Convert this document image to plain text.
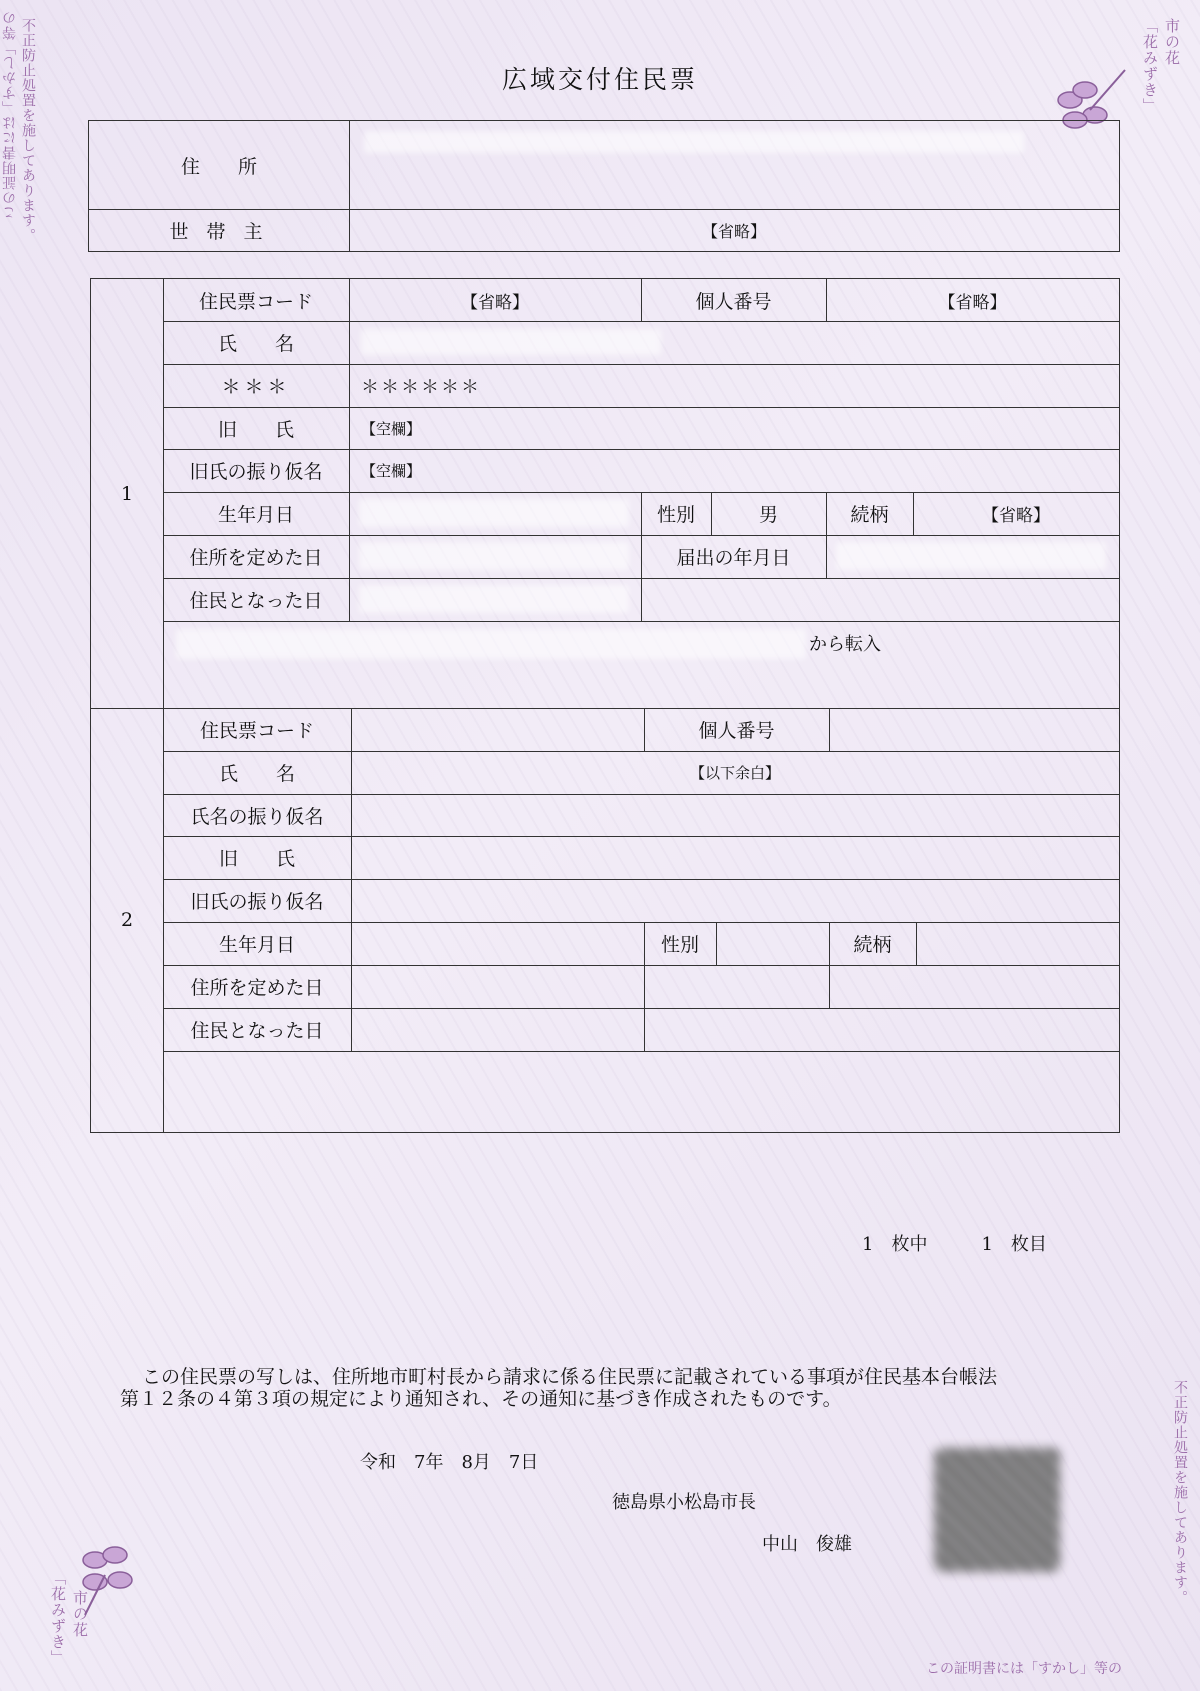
不正防止処置を施してあります。
この証明書には「すかし」等の	「花みずき」 市の花
市の花
「花みずき」
不正防止処置を施してあります。
この証明書には「すかし」等の
広域交付住民票
住　　所
世 帯 主	【省略】
1
住民票コード	【省略】	個人番号	【省略】
氏　　名
＊＊＊	＊＊＊＊＊＊
旧　　氏	【空欄】
旧氏の振り仮名	【空欄】
生年月日	性別	男	続柄	【省略】
住所を定めた日	届出の年月日
住民となった日
から転入
2
住民票コード	個人番号
氏　　名	【以下余白】
氏名の振り仮名
旧　　氏
旧氏の振り仮名
生年月日	性別	続柄
住所を定めた日
住民となった日
1　 枚中　　　	1　 枚目
この住民票の写しは、住所地市町村長から請求に係る住民票に記載されている事項が住民基本台帳法
第１２条の４第３項の規定により通知され、その通知に基づき作成されたものです。
令和　 7年　 8月　 7日
徳島県小松島市長
中山　俊雄
